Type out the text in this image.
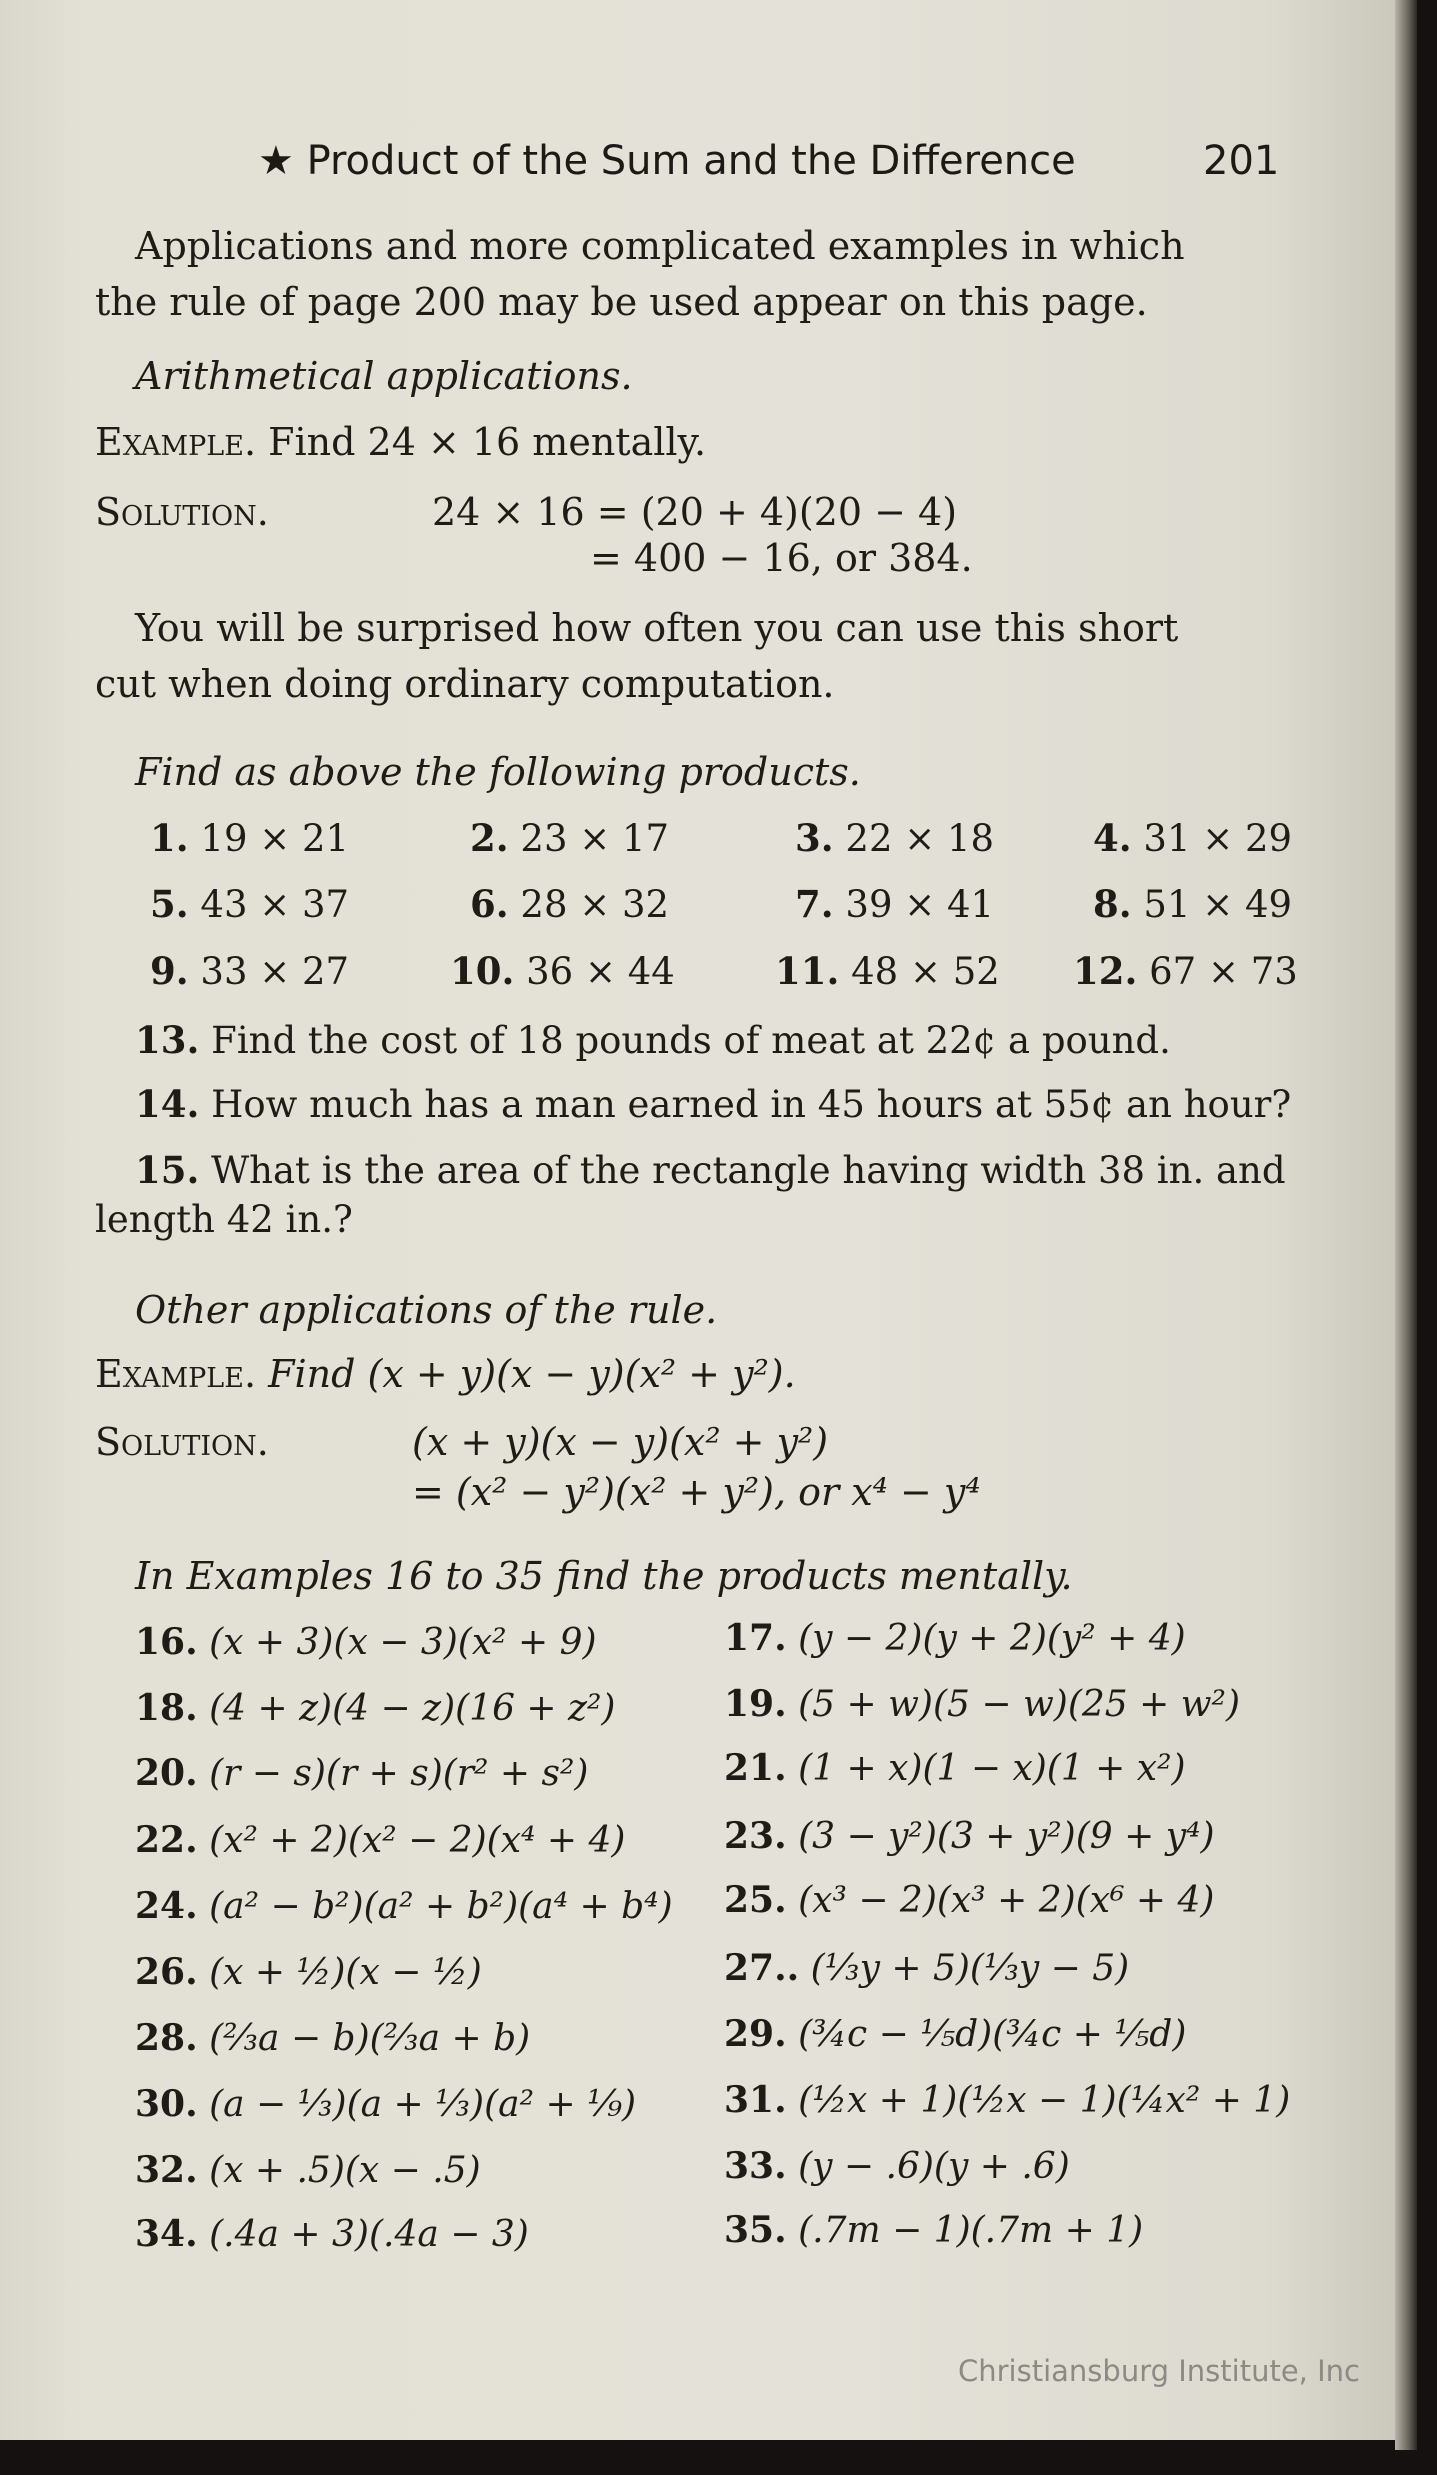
★ Product of the Sum and the Difference	201
Applications and more complicated examples in which
the rule of page 200 may be used appear on this page.
Arithmetical applications.
Example. Find 24 × 16 mentally.
Solution.	24 × 16 = (20 + 4)(20 − 4)
= 400 − 16, or 384.
You will be surprised how often you can use this short
cut when doing ordinary computation.
Find as above the following products.
1. 19 × 21	2. 23 × 17	3. 22 × 18	4. 31 × 29
5. 43 × 37	6. 28 × 32	7. 39 × 41	8. 51 × 49
9. 33 × 27	10. 36 × 44	11. 48 × 52 12. 67 × 73
13. Find the cost of 18 pounds of meat at 22¢ a pound.
14. How much has a man earned in 45 hours at 55¢ an hour?
15. What is the area of the rectangle having width 38 in. and
length 42 in.?
Other applications of the rule.
Example. Find (x + y)(x − y)(x² + y²).
Solution.	(x + y)(x − y)(x² + y²)
= (x² − y²)(x² + y²), or x⁴ − y⁴
In Examples 16 to 35 find the products mentally.
16. (x + 3)(x − 3)(x² + 9)	17. (y − 2)(y + 2)(y² + 4)
18. (4 + z)(4 − z)(16 + z²)	19. (5 + w)(5 − w)(25 + w²)
20. (r − s)(r + s)(r² + s²)	21. (1 + x)(1 − x)(1 + x²)
22. (x² + 2)(x² − 2)(x⁴ + 4)	23. (3 − y²)(3 + y²)(9 + y⁴)
24. (a² − b²)(a² + b²)(a⁴ + b⁴) 25. (x³ − 2)(x³ + 2)(x⁶ + 4)
26. (x + ½)(x − ½)	27.. (⅓y + 5)(⅓y − 5)
28. (⅔a − b)(⅔a + b)	29. (¾c − ⅕d)(¾c + ⅕d)
30. (a − ⅓)(a + ⅓)(a² + ⅑) 31. (½x + 1)(½x − 1)(¼x² + 1)
32. (x + .5)(x − .5)	33. (y − .6)(y + .6)
34. (.4a + 3)(.4a − 3)	35. (.7m − 1)(.7m + 1)
Christiansburg Institute, Inc
